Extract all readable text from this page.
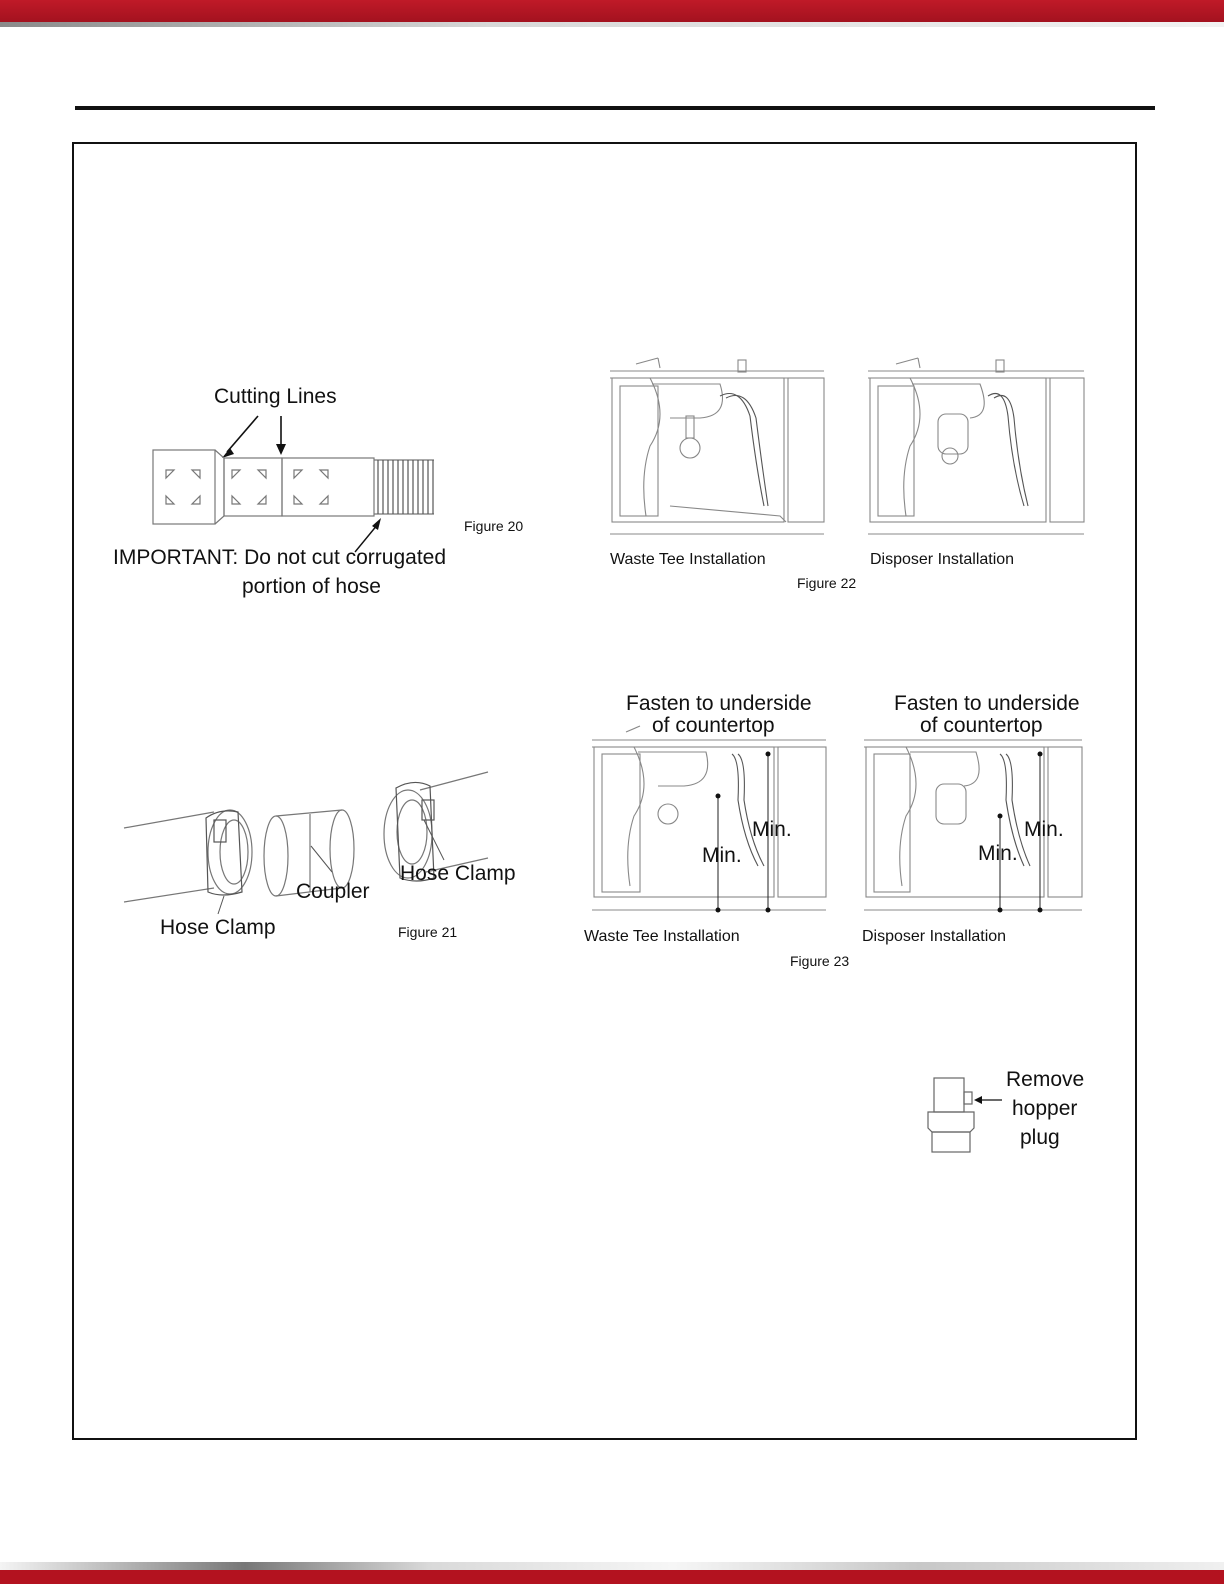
Cutting Lines
Figure 20
IMPORTANT: Do not cut corrugated
portion of hose
Coupler
Hose Clamp
Hose Clamp	Figure 21
Waste Tee Installation	Disposer Installation
Figure 22
Fasten to underside
of countertop
Fasten to underside
of countertop
Min.
Min.
Min.
Min.
Waste Tee Installation	Disposer Installation
Figure 23
Remove
hopper
plug
